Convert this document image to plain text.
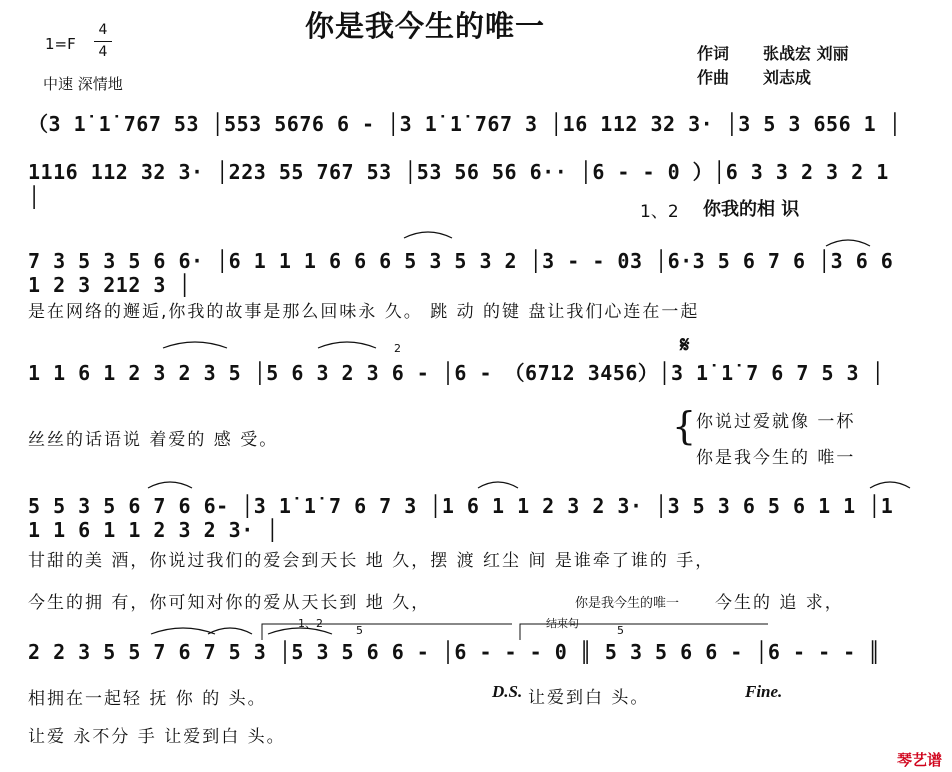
你是我今生的唯一
1=F
4
4
中速 深情地
作词 张战宏 刘丽
作曲 刘志成
（3 1̇ 1̇ 767 53 │553 5676 6 - │3 1̇ 1̇ 767 3 │16 112 32 3· │3 5 3 656 1 │
1116 112 32 3· │223 55 767 53 │53 56 56 6·· │6 - - 0 ）│6 3 3 2 3 2 1 │
7 3 5 3 5 6 6· │6 1 1 1 6 6 6 5 3 5 3 2 │3 - - 03 │6·3 5 6 7 6 │3 6 6 1 2 3 212 3 │
1 1 6 1 2 3 2 3 5 │5 6 3 2 3 6 - │6 - （6712 3456）│3 1̇ 1̇ 7 6 7 5 3 │
5 5 3 5 6 7 6 6- │3 1̇ 1̇ 7 6 7 3 │1 6 1 1 2 3 2 3· │3 5 3 6 5 6 1 1 │1 1 1 6 1 1 2 3 2 3· │
2 2 3 5 5 7 6 7 5 3 │5 3 5 6 6 - │6 - - - 0 ║ 5 3 5 6 6 - │6 - - - ║
1、2 你我的相 识
是在网络的邂逅,你我的故事是那么回味永 久。 跳 动 的键 盘让我们心连在一起
丝丝的话语说 着爱的 感 受。	{ 你说过爱就像 一杯
你是我今生的 唯一
甘甜的美 酒，你说过我们的爱会到天长 地 久，摆 渡 红尘 间 是谁牵了谁的 手，
今生的拥 有，你可知对你的爱从天长到 地 久，	你是我今生的唯一 今生的 追 求，
相拥在一起轻 抚 你 的 头。	D.S. 让爱到白 头。	Fine.
让爱 永不分 手 让爱到白 头。
1、2	结束句
5	5
2	𝄋
琴艺谱
